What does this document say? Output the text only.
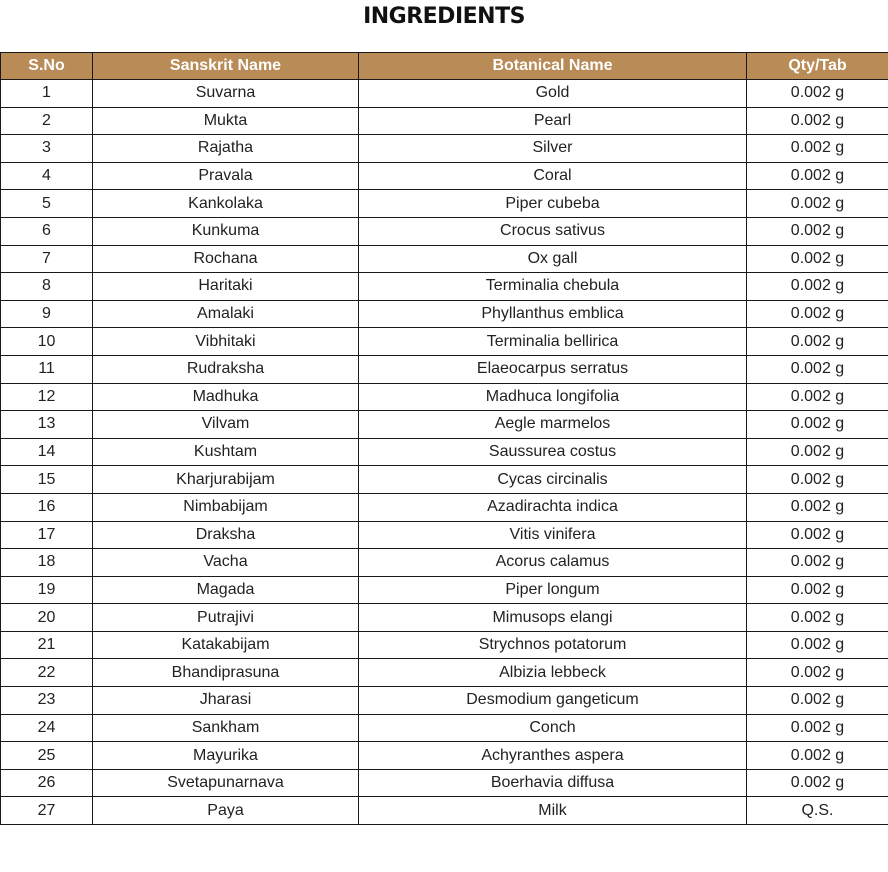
INGREDIENTS
S.No	Sanskrit Name	Botanical Name	Qty/Tab
1	Suvarna	Gold	0.002 g
2	Mukta	Pearl	0.002 g
3	Rajatha	Silver	0.002 g
4	Pravala	Coral	0.002 g
5	Kankolaka	Piper cubeba	0.002 g
6	Kunkuma	Crocus sativus	0.002 g
7	Rochana	Ox gall	0.002 g
8	Haritaki	Terminalia chebula	0.002 g
9	Amalaki	Phyllanthus emblica	0.002 g
10	Vibhitaki	Terminalia bellirica	0.002 g
11	Rudraksha	Elaeocarpus serratus	0.002 g
12	Madhuka	Madhuca longifolia	0.002 g
13	Vilvam	Aegle marmelos	0.002 g
14	Kushtam	Saussurea costus	0.002 g
15	Kharjurabijam	Cycas circinalis	0.002 g
16	Nimbabijam	Azadirachta indica	0.002 g
17	Draksha	Vitis vinifera	0.002 g
18	Vacha	Acorus calamus	0.002 g
19	Magada	Piper longum	0.002 g
20	Putrajivi	Mimusops elangi	0.002 g
21	Katakabijam	Strychnos potatorum	0.002 g
22	Bhandiprasuna	Albizia lebbeck	0.002 g
23	Jharasi	Desmodium gangeticum	0.002 g
24	Sankham	Conch	0.002 g
25	Mayurika	Achyranthes aspera	0.002 g
26	Svetapunarnava	Boerhavia diffusa	0.002 g
27	Paya	Milk	Q.S.
